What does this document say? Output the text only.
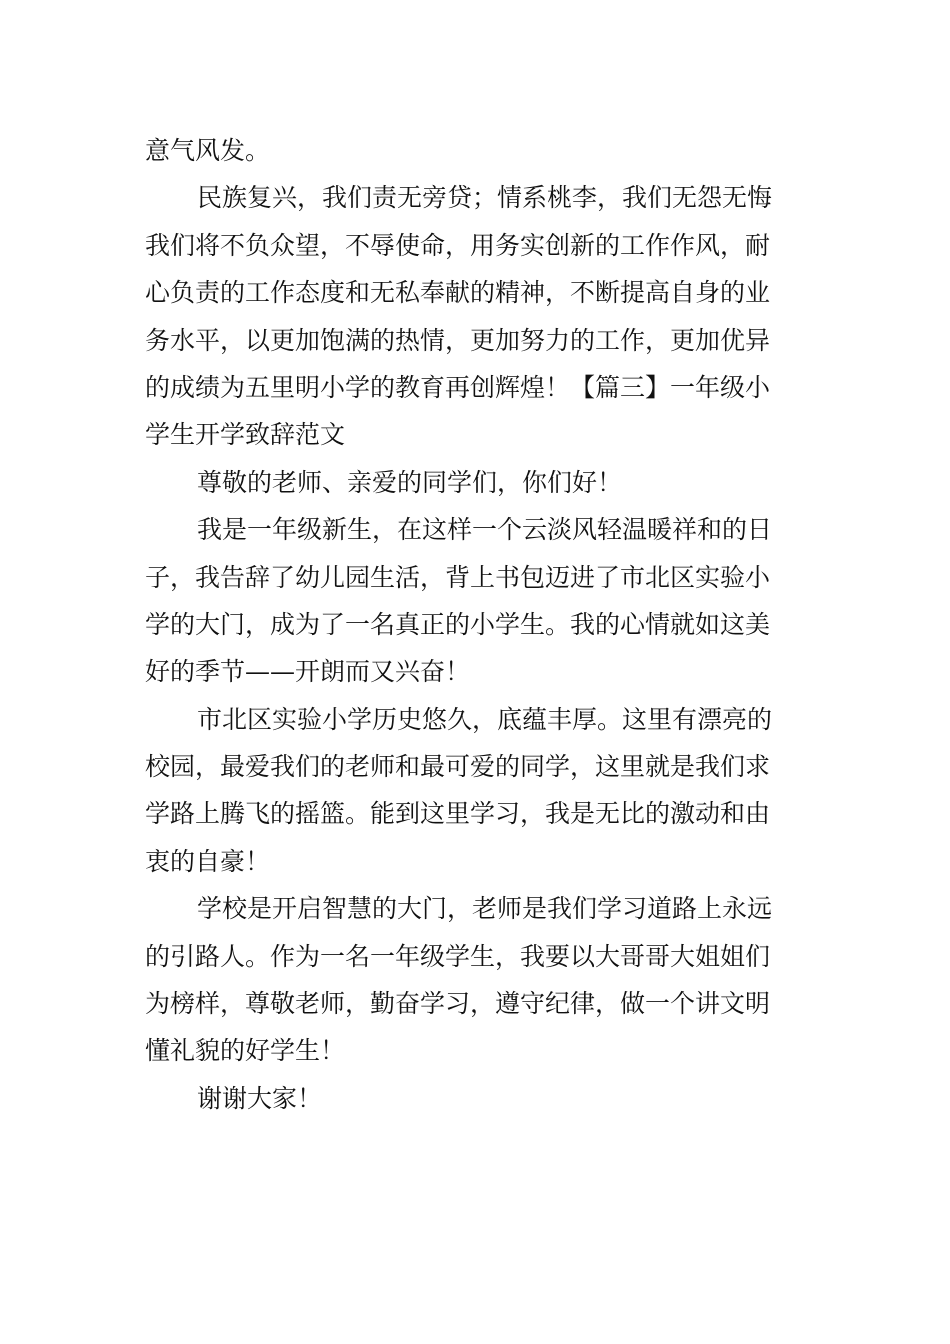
意气风发。
民族复兴，我们责无旁贷；情系桃李，我们无怨无悔
我们将不负众望，不辱使命，用务实创新的工作作风，耐
心负责的工作态度和无私奉献的精神，不断提高自身的业
务水平，以更加饱满的热情，更加努力的工作，更加优异
的成绩为五里明小学的教育再创辉煌！【篇三】一年级小
学生开学致辞范文
尊敬的老师、亲爱的同学们，你们好！
我是一年级新生，在这样一个云淡风轻温暖祥和的日
子，我告辞了幼儿园生活，背上书包迈进了市北区实验小
学的大门，成为了一名真正的小学生。我的心情就如这美
好的季节——开朗而又兴奋！
市北区实验小学历史悠久，底蕴丰厚。这里有漂亮的
校园，最爱我们的老师和最可爱的同学，这里就是我们求
学路上腾飞的摇篮。能到这里学习，我是无比的激动和由
衷的自豪！
学校是开启智慧的大门，老师是我们学习道路上永远
的引路人。作为一名一年级学生，我要以大哥哥大姐姐们
为榜样，尊敬老师，勤奋学习，遵守纪律，做一个讲文明
懂礼貌的好学生！
谢谢大家！
